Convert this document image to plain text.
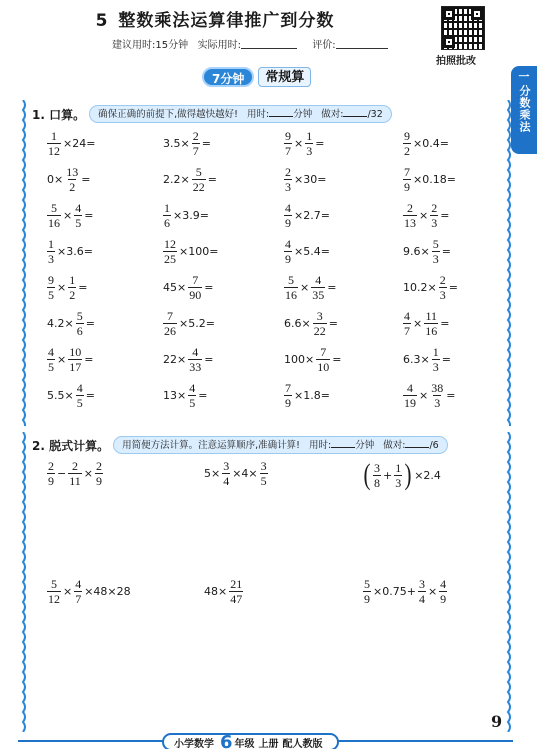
5 整数乘法运算律推广到分数
建议用时:15分钟 实际用时:	评价:
拍照批改
一
分数乘法
7分钟	常规算
1. 口算。	确保正确的前提下,做得越快越好! 用时:	分钟 做对:	/32
$\frac{1}{12} \times 24=$	$3.5\times \frac{2}{7}$ =	$\frac{9}{7} \times \frac{1}{3}$ =	$\frac{9}{2} \times 0.4=$
$0\times \frac{13}{2}$ =	$2.2\times \frac{5}{22}$ =	$\frac{2}{3} \times 30=$	$\frac{7}{9} \times 0.18=$
$\frac{5}{16} \times \frac{4}{5}$ =	$\frac{1}{6} \times 3.9=$	$\frac{4}{9} \times 2.7=$	$\frac{2}{13} \times \frac{2}{3}$ =
$\frac{1}{3} \times 3.6=$	$\frac{12}{25} \times 100=$	$\frac{4}{9} \times 5.4=$	$9.6\times \frac{5}{3}$ =
$\frac{9}{5} \times \frac{1}{2}$ =	$45\times \frac{7}{90}$ =	$\frac{5}{16} \times \frac{4}{35}$ =	$10.2\times \frac{2}{3}$ =
$4.2\times \frac{5}{6}$ =	$\frac{7}{26} \times 5.2=$	$6.6\times \frac{3}{22}$ =	$\frac{4}{7} \times \frac{11}{16}$ =
$\frac{4}{5} \times \frac{10}{17}$ =	$22\times \frac{4}{33}$ =	$100\times \frac{7}{10}$ =	$6.3\times \frac{1}{3}$ =
$5.5\times \frac{4}{5}$ =	$13\times \frac{4}{5}$ =	$\frac{7}{9} \times 1.8=$	$\frac{4}{19} \times \frac{38}{3}$ =
2. 脱式计算。	用简便方法计算。注意运算顺序,准确计算! 用时:	分钟 做对:	/6
$\frac{2}{9} - \frac{2}{11} \times \frac{2}{9}$	$5\times \frac{3}{4} \times 4\times \frac{3}{5}$	( $\frac{3}{8} + \frac{1}{3}$ ) ×2.4
$\frac{5}{12} \times \frac{4}{7} \times 48\times 28$	$48\times \frac{21}{47}$	$\frac{5}{9} \times 0.75+ \frac{3}{4} \times \frac{4}{9}$
小学数学 6 年级 上册 配人教版
9
